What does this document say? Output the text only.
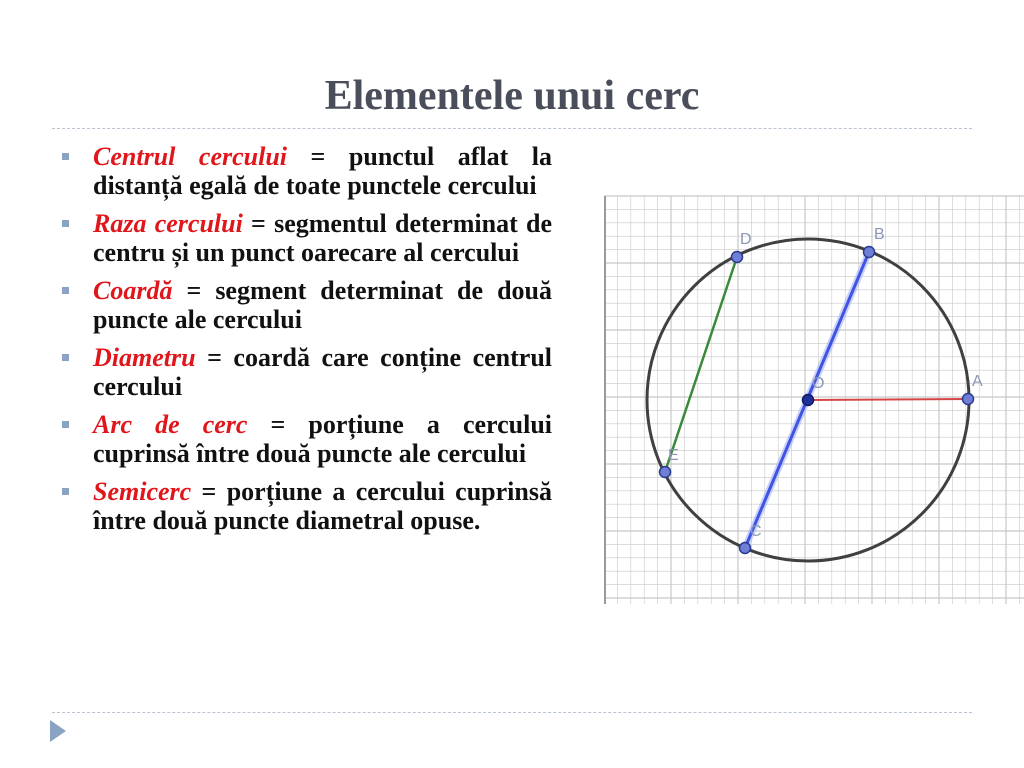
Elementele unui cerc
Centrul cercului = punctul aflat la distanță egală de toate punctele cercului
Raza cercului = segmentul determinat de centru și un punct oarecare al cercului
Coardă = segment determinat de două puncte ale cercului
Diametru = coardă care conține centrul cercului
Arc de cerc = porțiune a cercului cuprinsă între două puncte ale cercului
Semicerc = porțiune a cercului cuprinsă între două puncte diametral opuse.
A
B
C
D
E
O
